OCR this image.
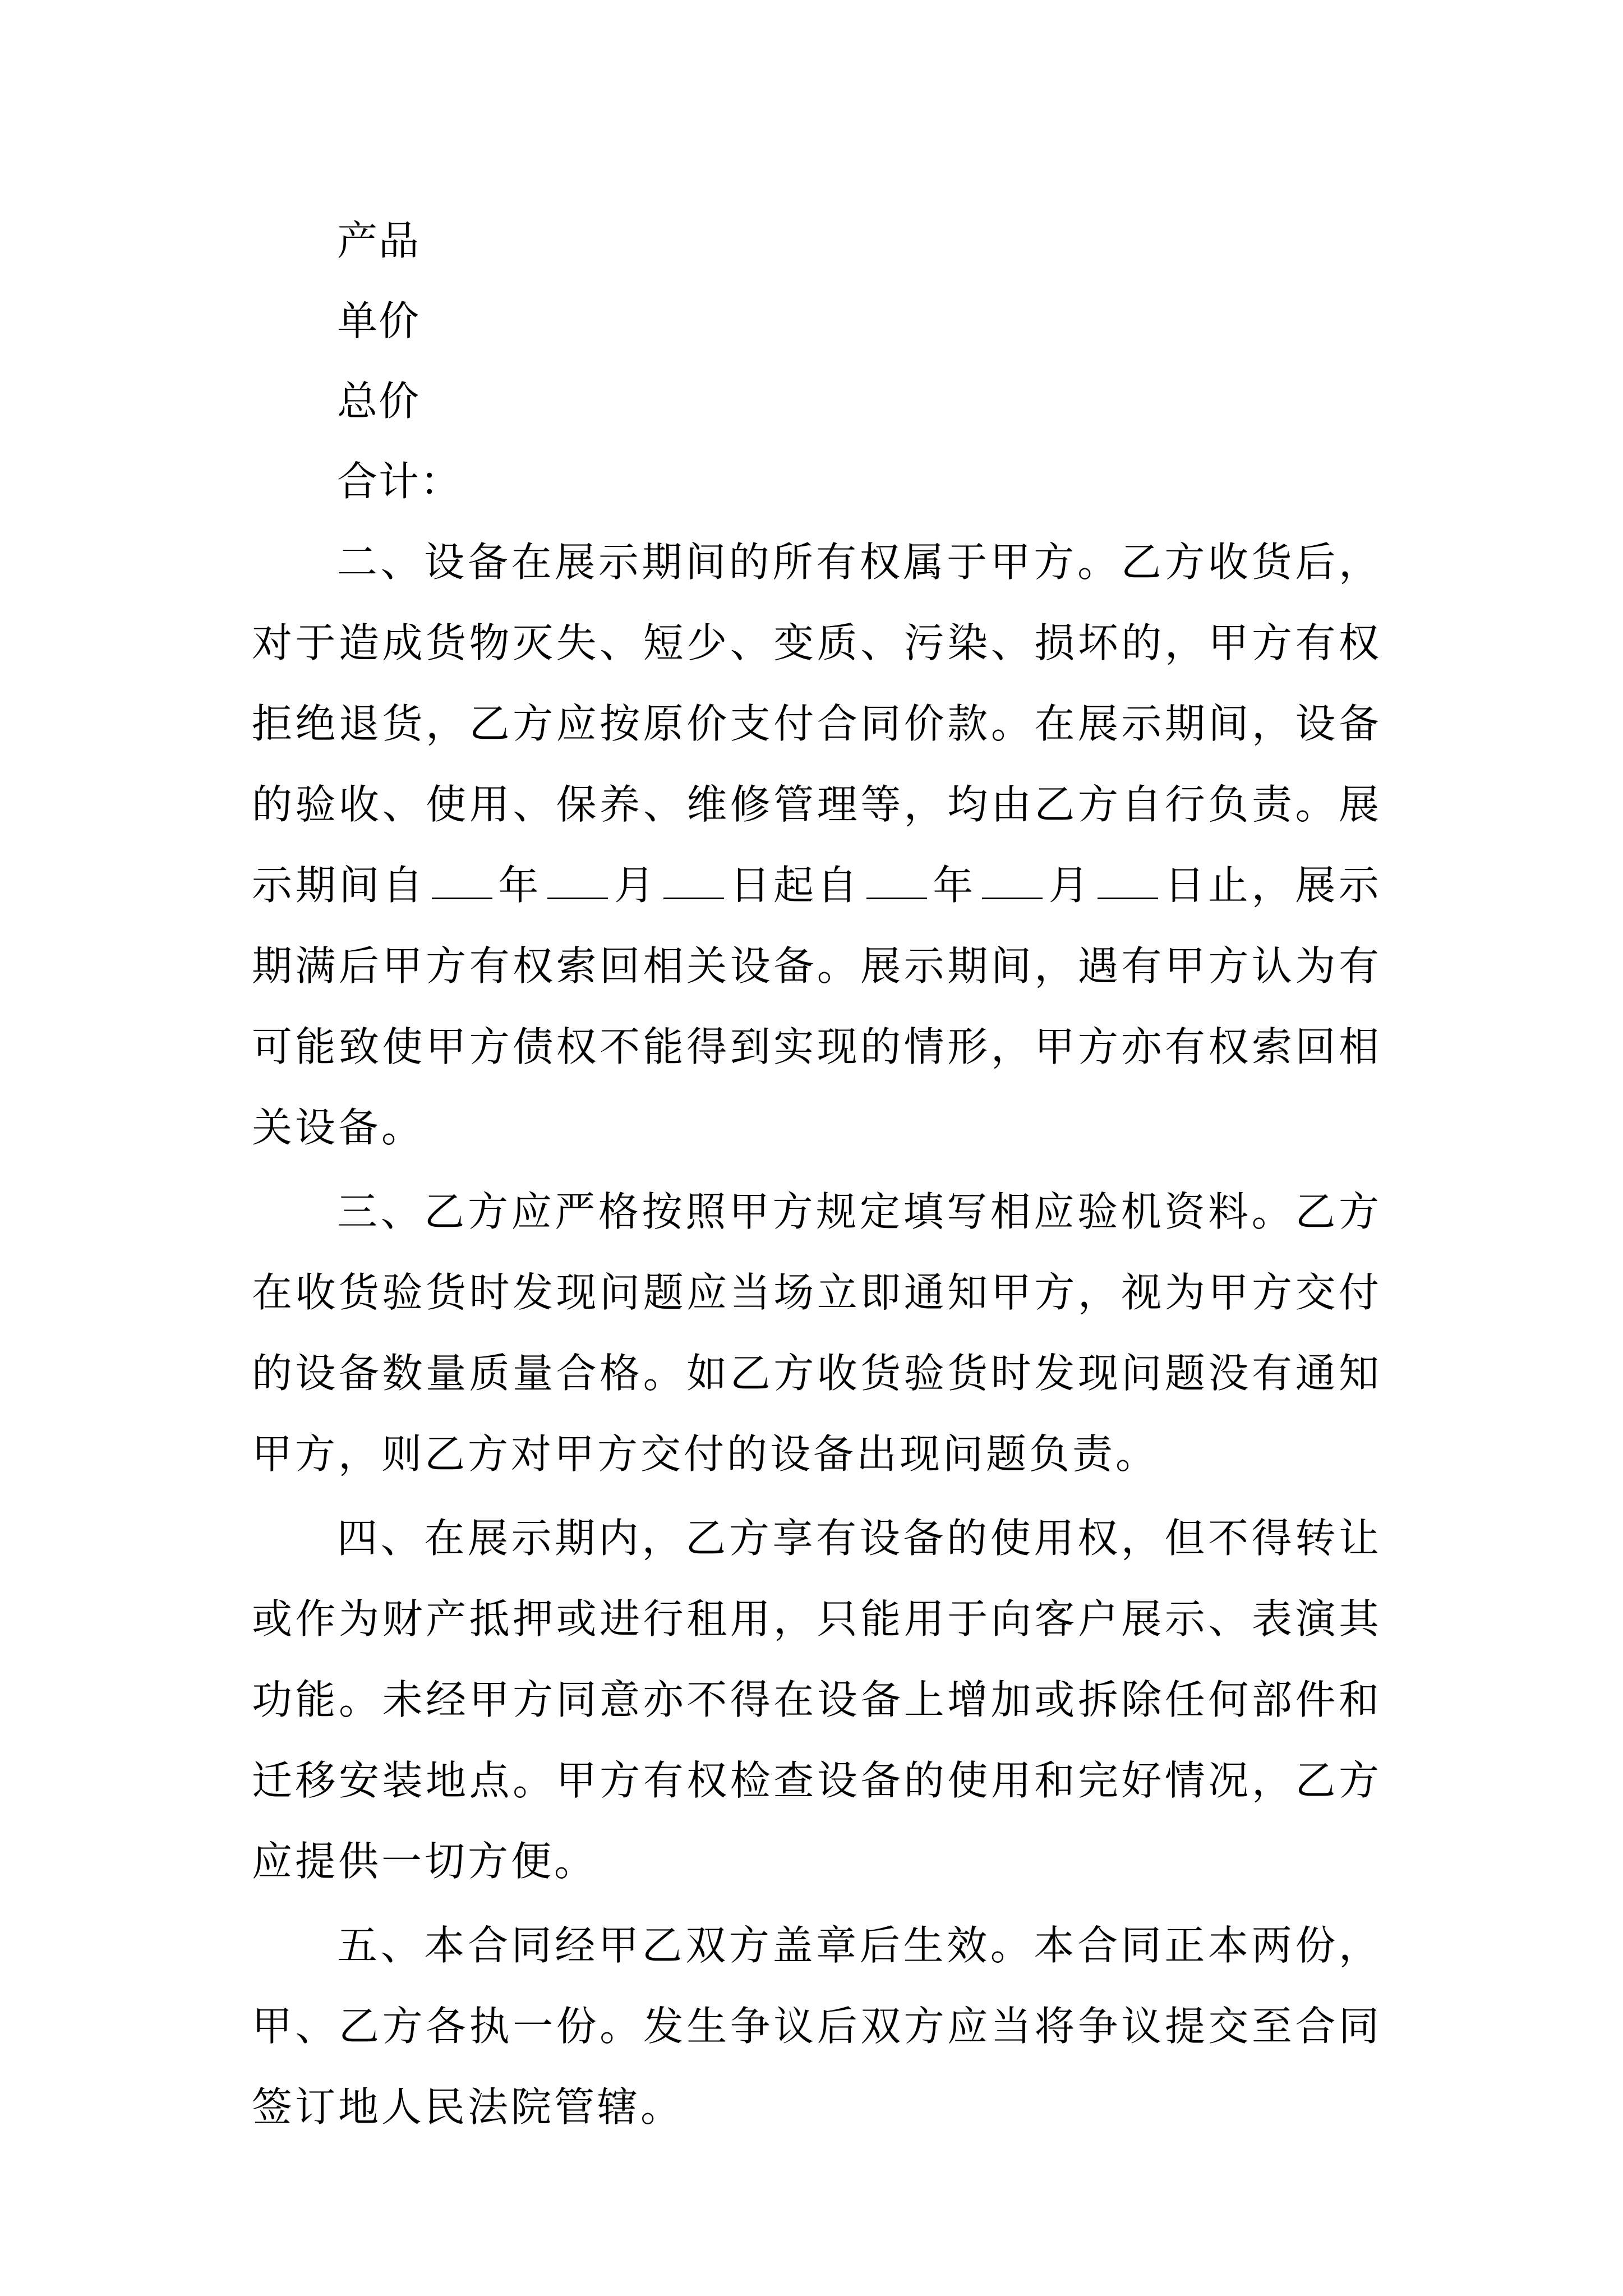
产品
单价
总价
合计：

二、设备在展示期间的所有权属于甲方。乙方收货后，对于造成货物灭失、短少、变质、污染、损坏的，甲方有权拒绝退货，乙方应按原价支付合同价款。在展示期间，设备的验收、使用、保养、维修管理等，均由乙方自行负责。展示期间自 年 月 日起自 年 月 日止，展示期满后甲方有权索回相关设备。展示期间，遇有甲方认为有可能致使甲方债权不能得到实现的情形，甲方亦有权索回相关设备。

三、乙方应严格按照甲方规定填写相应验机资料。乙方在收货验货时发现问题应当场立即通知甲方，视为甲方交付的设备数量质量合格。如乙方收货验货时发现问题没有通知甲方，则乙方对甲方交付的设备出现问题负责。

四、在展示期内，乙方享有设备的使用权，但不得转让或作为财产抵押或进行租用，只能用于向客户展示、表演其功能。未经甲方同意亦不得在设备上增加或拆除任何部件和迁移安装地点。甲方有权检查设备的使用和完好情况，乙方应提供一切方便。

五、本合同经甲乙双方盖章后生效。本合同正本两份，甲、乙方各执一份。发生争议后双方应当将争议提交至合同签订地人民法院管辖。
